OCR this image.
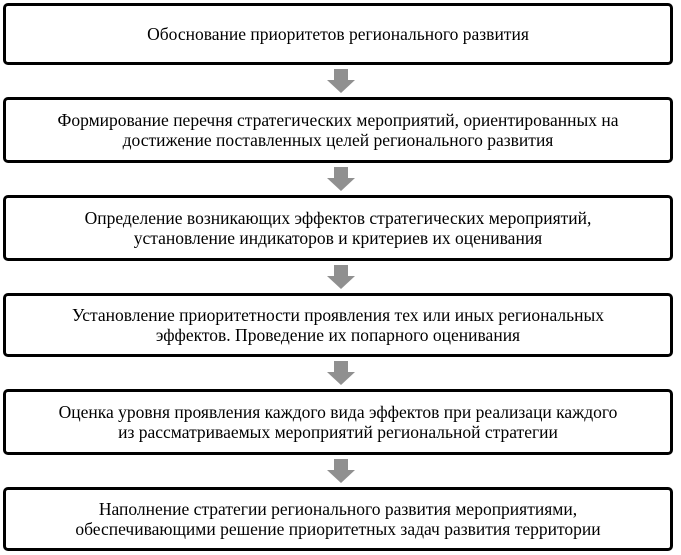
Обоснование приоритетов регионального развития
Формирование перечня стратегических мероприятий, ориентированных на
достижение поставленных целей регионального развития
Определение возникающих эффектов стратегических мероприятий,
установление индикаторов и критериев их оценивания
Установление приоритетности проявления тех или иных региональных
эффектов. Проведение их попарного оценивания
Оценка уровня проявления каждого вида эффектов при реализаци каждого
из рассматриваемых мероприятий региональной стратегии
Наполнение стратегии регионального развития мероприятиями,
обеспечивающими решение приоритетных задач развития территории
